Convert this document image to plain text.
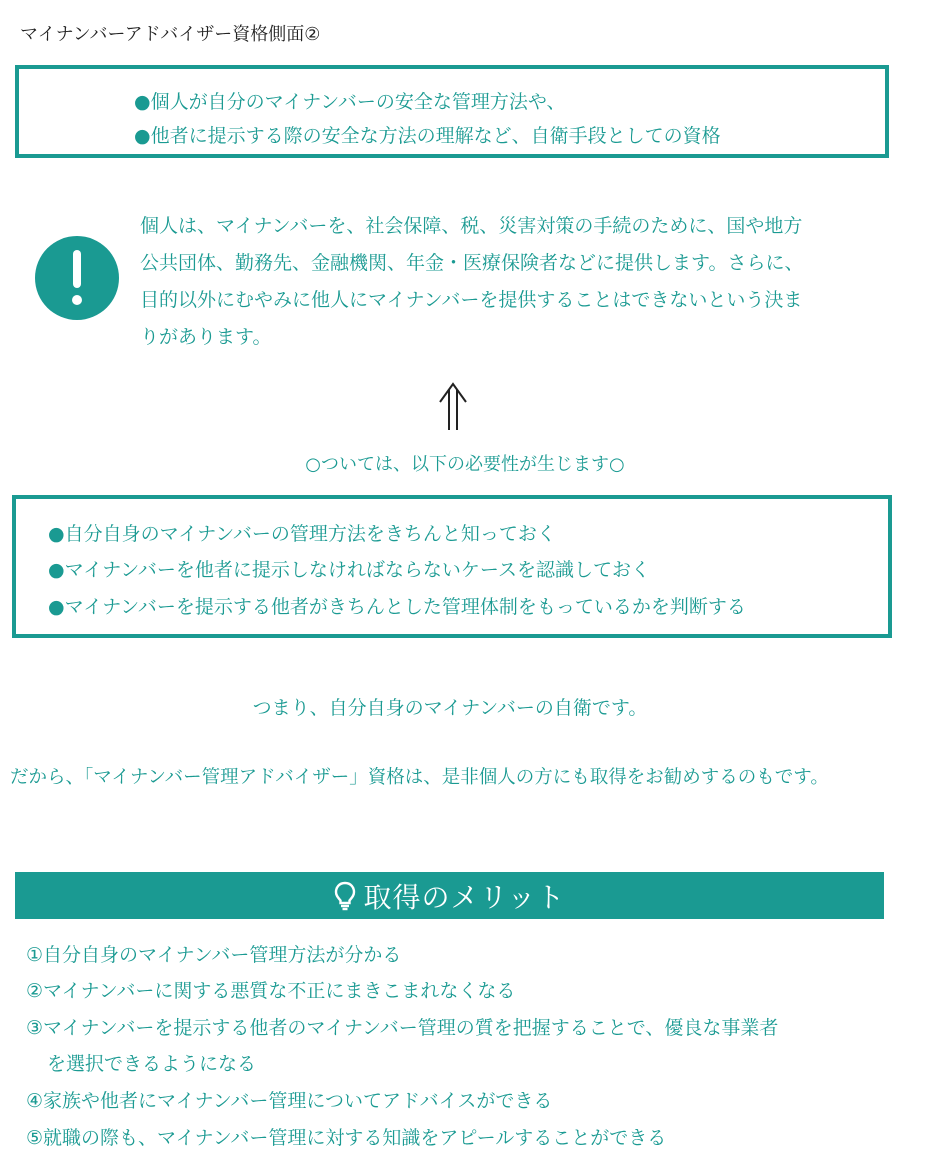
マイナンバーアドバイザー資格側面②
●個人が自分のマイナンバーの安全な管理方法や、
●他者に提示する際の安全な方法の理解など、自衛手段としての資格
個人は、マイナンバーを、社会保障、税、災害対策の手続のために、国や地方
公共団体、勤務先、金融機関、年金・医療保険者などに提供します。さらに、
目的以外にむやみに他人にマイナンバーを提供することはできないという決ま
りがあります。
○ついては、以下の必要性が生じます○
●自分自身のマイナンバーの管理方法をきちんと知っておく
●マイナンバーを他者に提示しなければならないケースを認識しておく
●マイナンバーを提示する他者がきちんとした管理体制をもっているかを判断する
つまり、自分自身のマイナンバーの自衛です。
だから、「マイナンバー管理アドバイザー」資格は、是非個人の方にも取得をお勧めするのもです。
取得のメリット
①自分自身のマイナンバー管理方法が分かる
②マイナンバーに関する悪質な不正にまきこまれなくなる
③マイナンバーを提示する他者のマイナンバー管理の質を把握することで、優良な事業者
を選択できるようになる
④家族や他者にマイナンバー管理についてアドバイスができる
⑤就職の際も、マイナンバー管理に対する知識をアピールすることができる
